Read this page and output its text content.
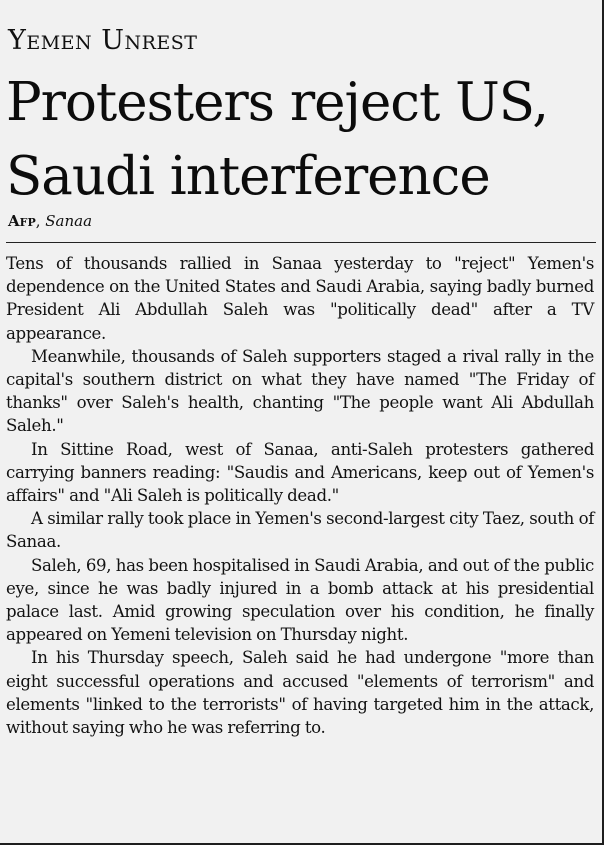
Yemen Unrest
Protesters reject US,
Saudi interference
Afp, Sanaa

Tens of thousands rallied in Sanaa yesterday to "reject" Yemen's dependence on the United States and Saudi Arabia, saying badly burned President Ali Abdullah Saleh was "politically dead" after a TV appearance.

Meanwhile, thousands of Saleh supporters staged a rival rally in the capital's southern district on what they have named "The Friday of thanks" over Saleh's health, chanting "The people want Ali Abdullah Saleh."

In Sittine Road, west of Sanaa, anti-Saleh protesters gathered carrying banners reading: "Saudis and Americans, keep out of Yemen's affairs" and "Ali Saleh is politically dead."

A similar rally took place in Yemen's second-largest city Taez, south of Sanaa.

Saleh, 69, has been hospitalised in Saudi Arabia, and out of the public eye, since he was badly injured in a bomb attack at his presidential palace last. Amid growing speculation over his condition, he finally appeared on Yemeni television on Thursday night.

In his Thursday speech, Saleh said he had undergone "more than eight successful operations and accused "elements of terrorism" and elements "linked to the terrorists" of having targeted him in the attack, without saying who he was referring to.
